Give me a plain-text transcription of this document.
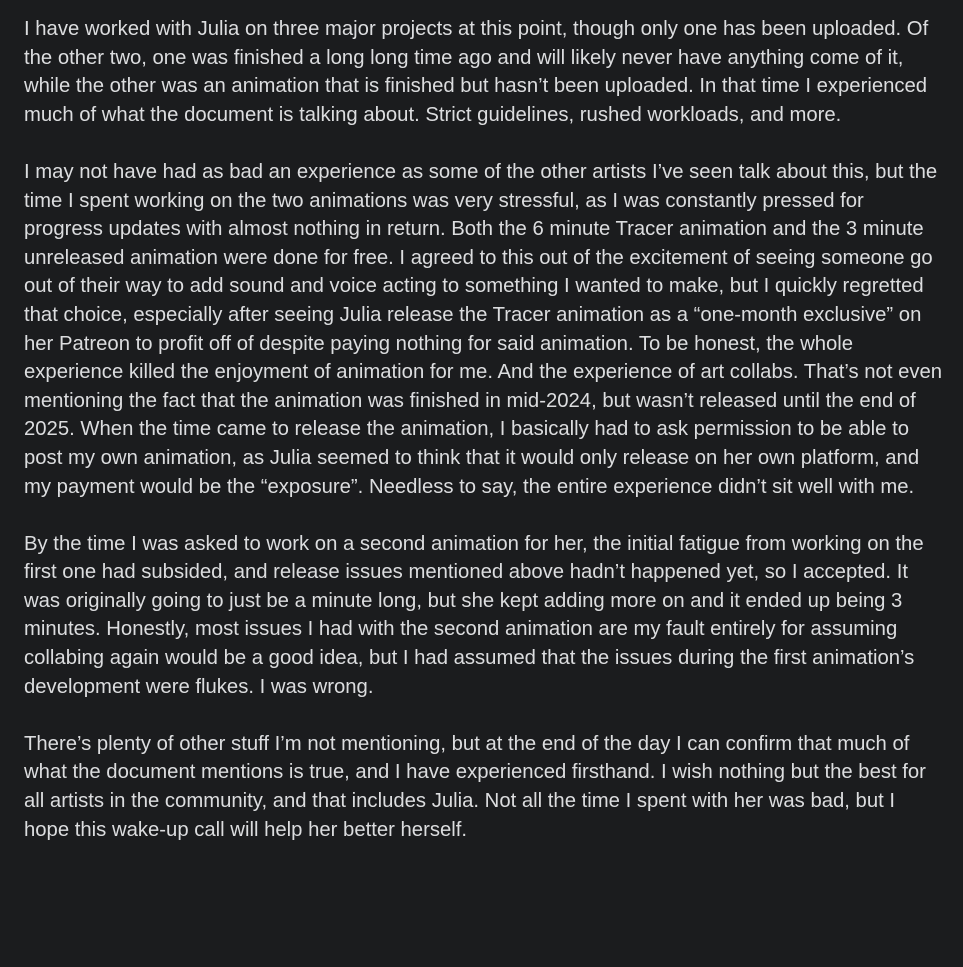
I have worked with Julia on three major projects at this point, though only one has been uploaded. Of the other two, one was finished a long long time ago and will likely never have anything come of it, while the other was an animation that is finished but hasn’t been uploaded. In that time I experienced much of what the document is talking about. Strict guidelines, rushed workloads, and more.

I may not have had as bad an experience as some of the other artists I’ve seen talk about this, but the time I spent working on the two animations was very stressful, as I was constantly pressed for progress updates with almost nothing in return. Both the 6 minute Tracer animation and the 3 minute unreleased animation were done for free. I agreed to this out of the excitement of seeing someone go out of their way to add sound and voice acting to something I wanted to make, but I quickly regretted that choice, especially after seeing Julia release the Tracer animation as a “one-month exclusive” on her Patreon to profit off of despite paying nothing for said animation. To be honest, the whole experience killed the enjoyment of animation for me. And the experience of art collabs. That’s not even mentioning the fact that the animation was finished in mid-2024, but wasn’t released until the end of 2025. When the time came to release the animation, I basically had to ask permission to be able to post my own animation, as Julia seemed to think that it would only release on her own platform, and my payment would be the “exposure”. Needless to say, the entire experience didn’t sit well with me.

By the time I was asked to work on a second animation for her, the initial fatigue from working on the first one had subsided, and release issues mentioned above hadn’t happened yet, so I accepted. It was originally going to just be a minute long, but she kept adding more on and it ended up being 3 minutes. Honestly, most issues I had with the second animation are my fault entirely for assuming collabing again would be a good idea, but I had assumed that the issues during the first animation’s development were flukes. I was wrong.

There’s plenty of other stuff I’m not mentioning, but at the end of the day I can confirm that much of what the document mentions is true, and I have experienced firsthand. I wish nothing but the best for all artists in the community, and that includes Julia. Not all the time I spent with her was bad, but I hope this wake-up call will help her better herself.
